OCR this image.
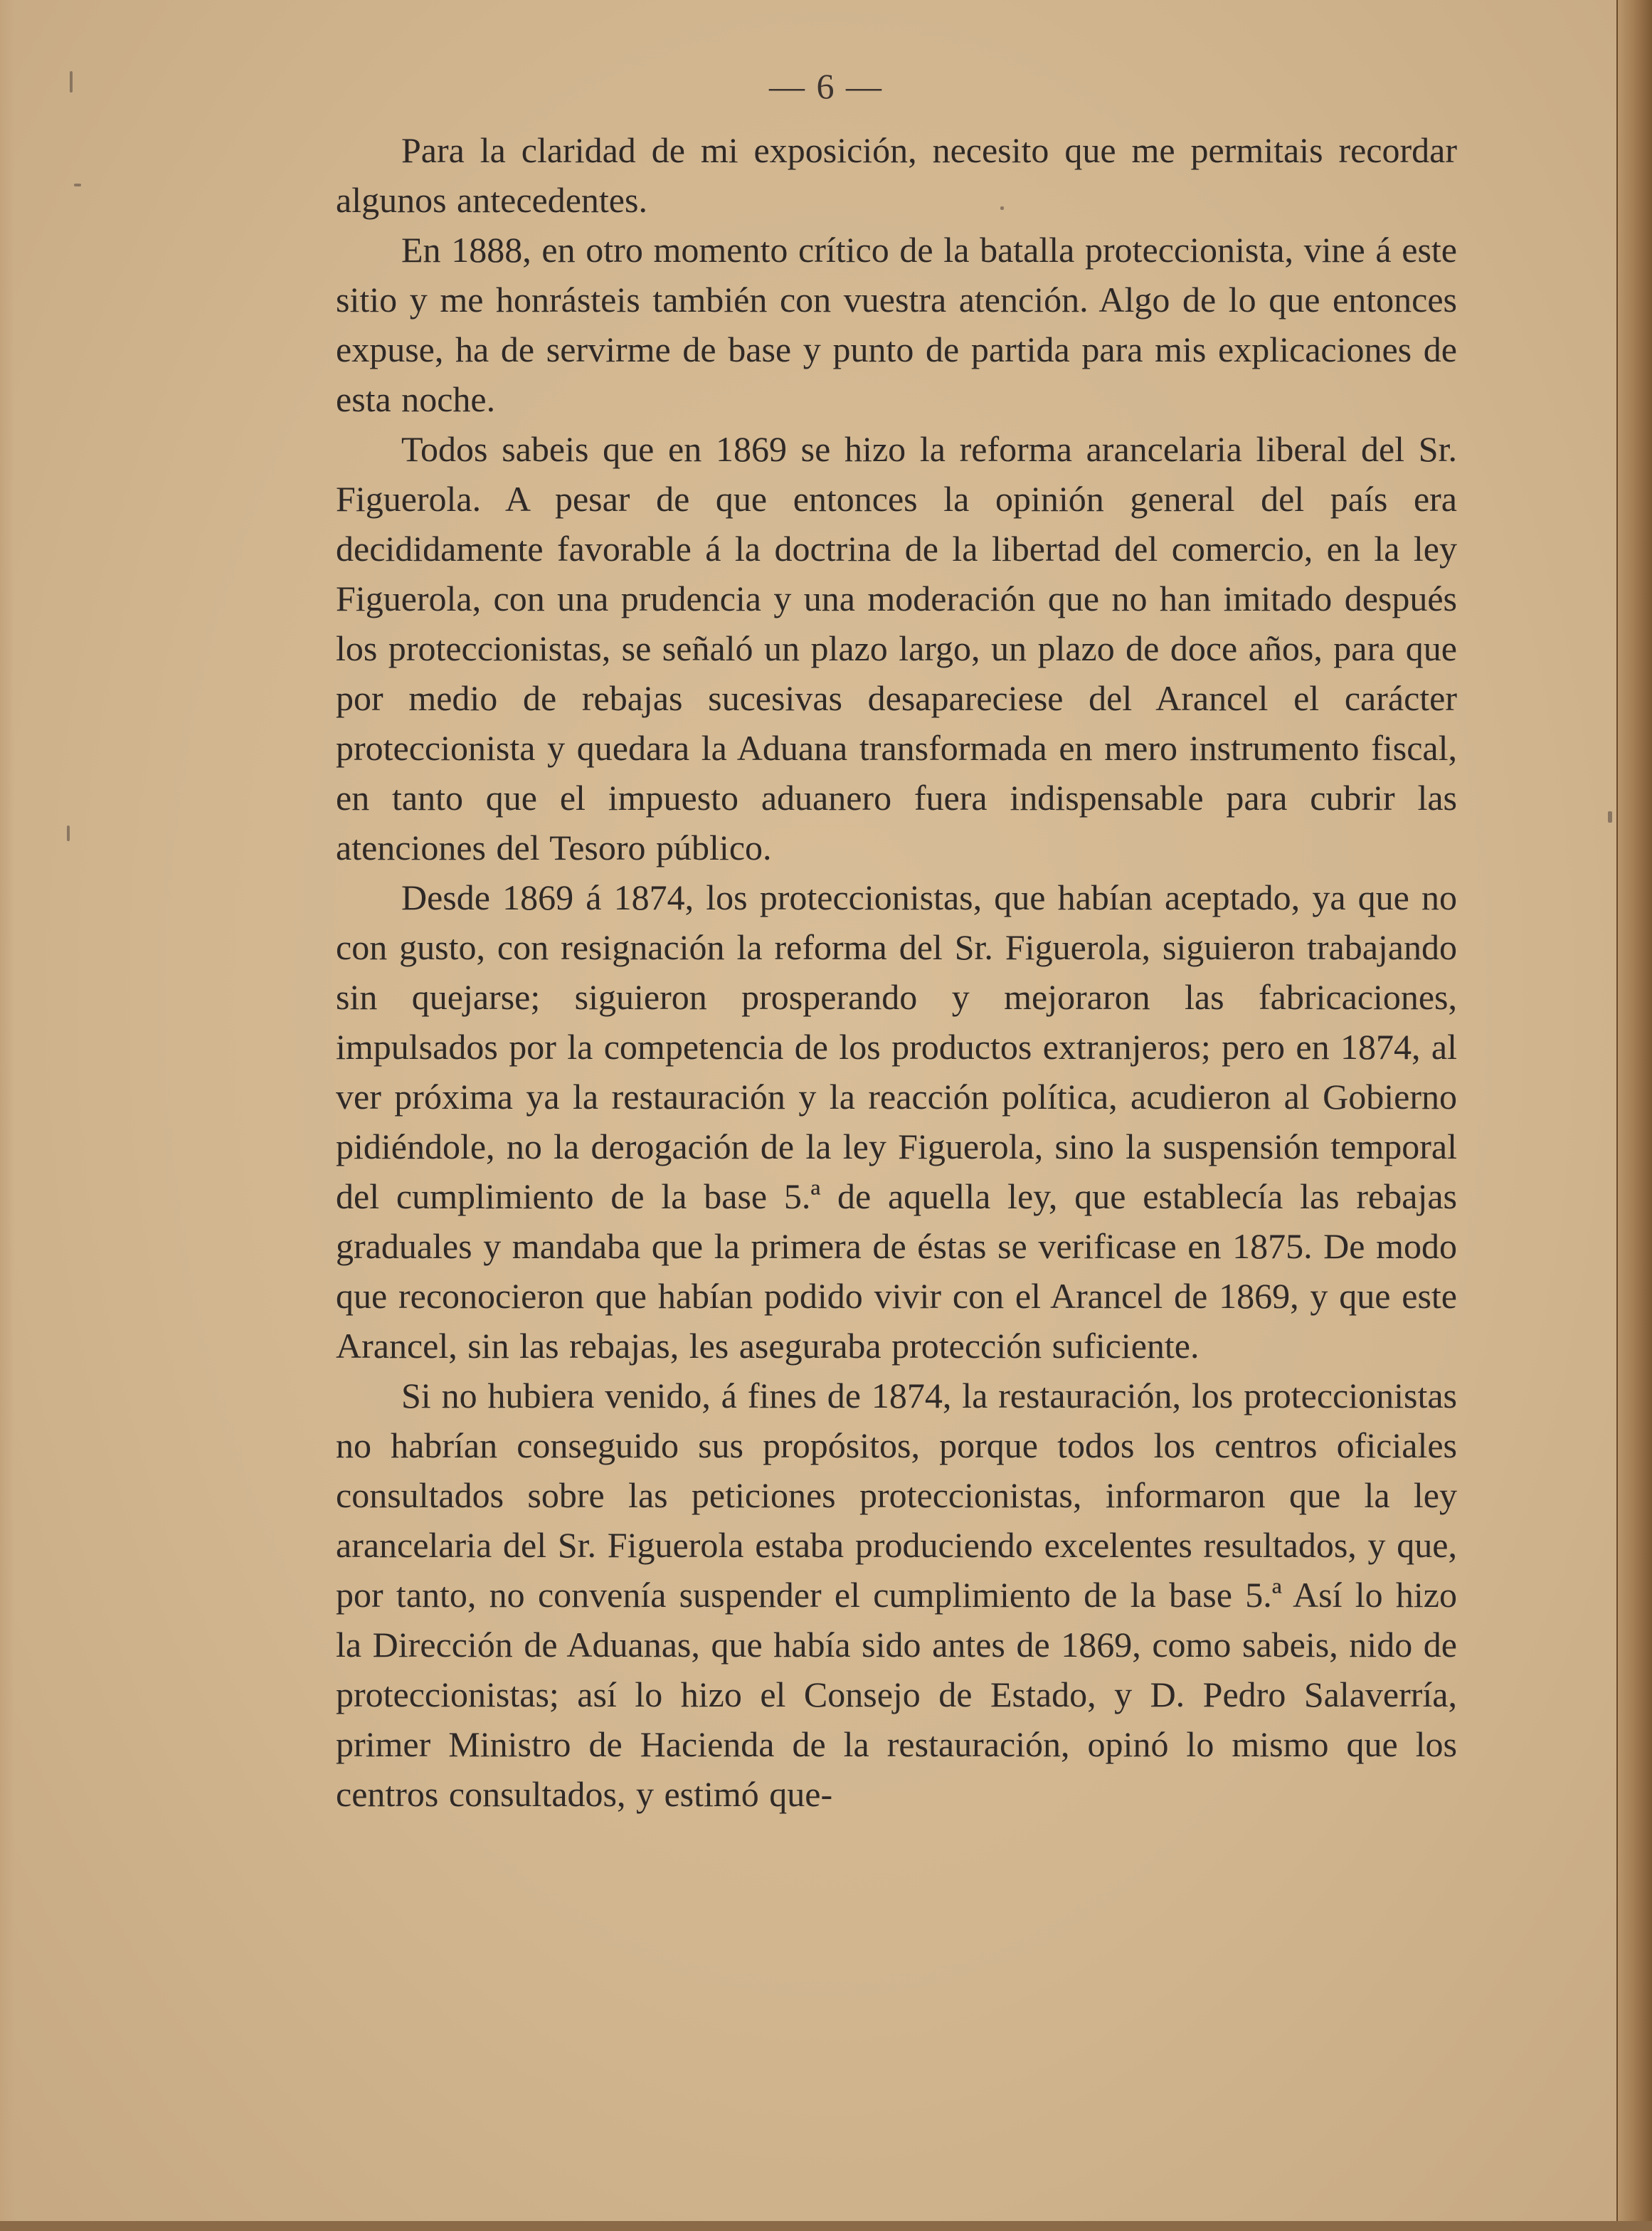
— 6 —

Para la claridad de mi exposición, necesito que me permitais recordar algunos antecedentes.

En 1888, en otro momento crítico de la batalla proteccionista, vine á este sitio y me honrásteis también con vuestra atención. Algo de lo que entonces expuse, ha de servirme de base y punto de partida para mis explicaciones de esta noche.

Todos sabeis que en 1869 se hizo la reforma arancelaria liberal del Sr. Figuerola. A pesar de que entonces la opinión general del país era decididamente favorable á la doctrina de la libertad del comercio, en la ley Figuerola, con una prudencia y una moderación que no han imitado después los proteccionistas, se señaló un plazo largo, un plazo de doce años, para que por medio de rebajas sucesivas desapareciese del Arancel el carácter proteccionista y quedara la Aduana transformada en mero instrumento fiscal, en tanto que el impuesto aduanero fuera indispensable para cubrir las atenciones del Tesoro público.

Desde 1869 á 1874, los proteccionistas, que habían aceptado, ya que no con gusto, con resignación la reforma del Sr. Figuerola, siguieron trabajando sin quejarse; siguieron prosperando y mejoraron las fabricaciones, impulsados por la competencia de los productos extranjeros; pero en 1874, al ver próxima ya la restauración y la reacción política, acudieron al Gobierno pidiéndole, no la derogación de la ley Figuerola, sino la suspensión temporal del cumplimiento de la base 5.ª de aquella ley, que establecía las rebajas graduales y mandaba que la primera de éstas se verificase en 1875. De modo que reconocieron que habían podido vivir con el Arancel de 1869, y que este Arancel, sin las rebajas, les aseguraba protección suficiente.

Si no hubiera venido, á fines de 1874, la restauración, los proteccionistas no habrían conseguido sus propósitos, porque todos los centros oficiales consultados sobre las peticiones proteccionistas, informaron que la ley arancelaria del Sr. Figuerola estaba produciendo excelentes resultados, y que, por tanto, no convenía suspender el cumplimiento de la base 5.ª Así lo hizo la Dirección de Aduanas, que había sido antes de 1869, como sabeis, nido de proteccionistas; así lo hizo el Consejo de Estado, y D. Pedro Salaverría, primer Ministro de Hacienda de la restauración, opinó lo mismo que los centros consultados, y estimó que-
